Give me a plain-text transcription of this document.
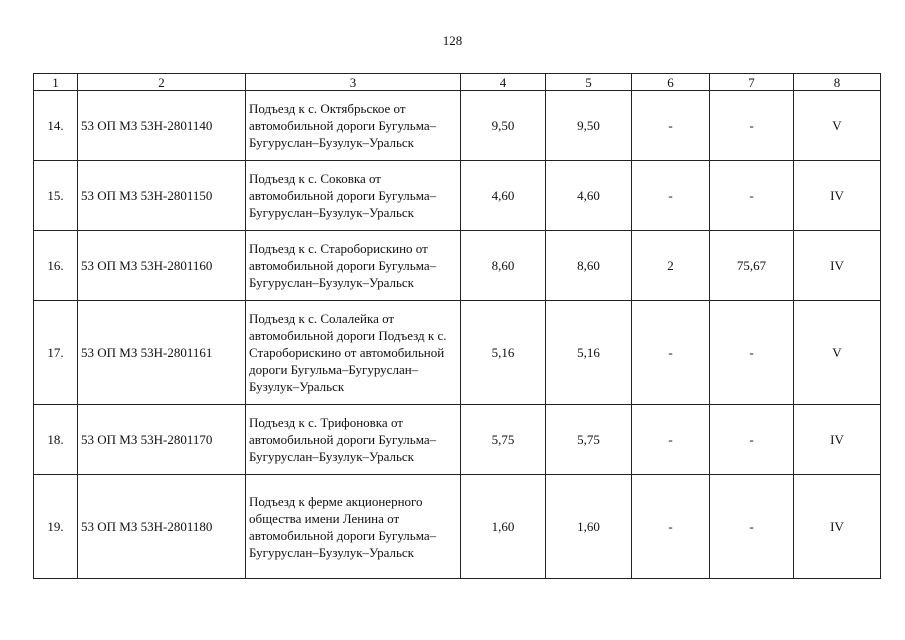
128
1	2	3	4	5	6	7	8
14.	53 ОП МЗ 53Н-2801140	Подъезд к с. Октябрьское от автомобильной дороги Бугульма–Бугуруслан–Бузулук–Уральск	9,50	9,50	-	-	V
15.	53 ОП МЗ 53Н-2801150	Подъезд к с. Соковка от автомобильной дороги Бугульма–Бугуруслан–Бузулук–Уральск	4,60	4,60	-	-	IV
16.	53 ОП МЗ 53Н-2801160	Подъезд к с. Староборискино от автомобильной дороги Бугульма–Бугуруслан–Бузулук–Уральск	8,60	8,60	2	75,67	IV
17.	53 ОП МЗ 53Н-2801161	Подъезд к с. Солалейка от автомобильной дороги Подъезд к с. Староборискино от автомобильной дороги Бугульма–Бугуруслан–Бузулук–Уральск	5,16	5,16	-	-	V
18.	53 ОП МЗ 53Н-2801170	Подъезд к с. Трифоновка от автомобильной дороги Бугульма–Бугуруслан–Бузулук–Уральск	5,75	5,75	-	-	IV
19.	53 ОП МЗ 53Н-2801180	Подъезд к ферме акционерного общества имени Ленина от автомобильной дороги Бугульма–Бугуруслан–Бузулук–Уральск	1,60	1,60	-	-	IV
